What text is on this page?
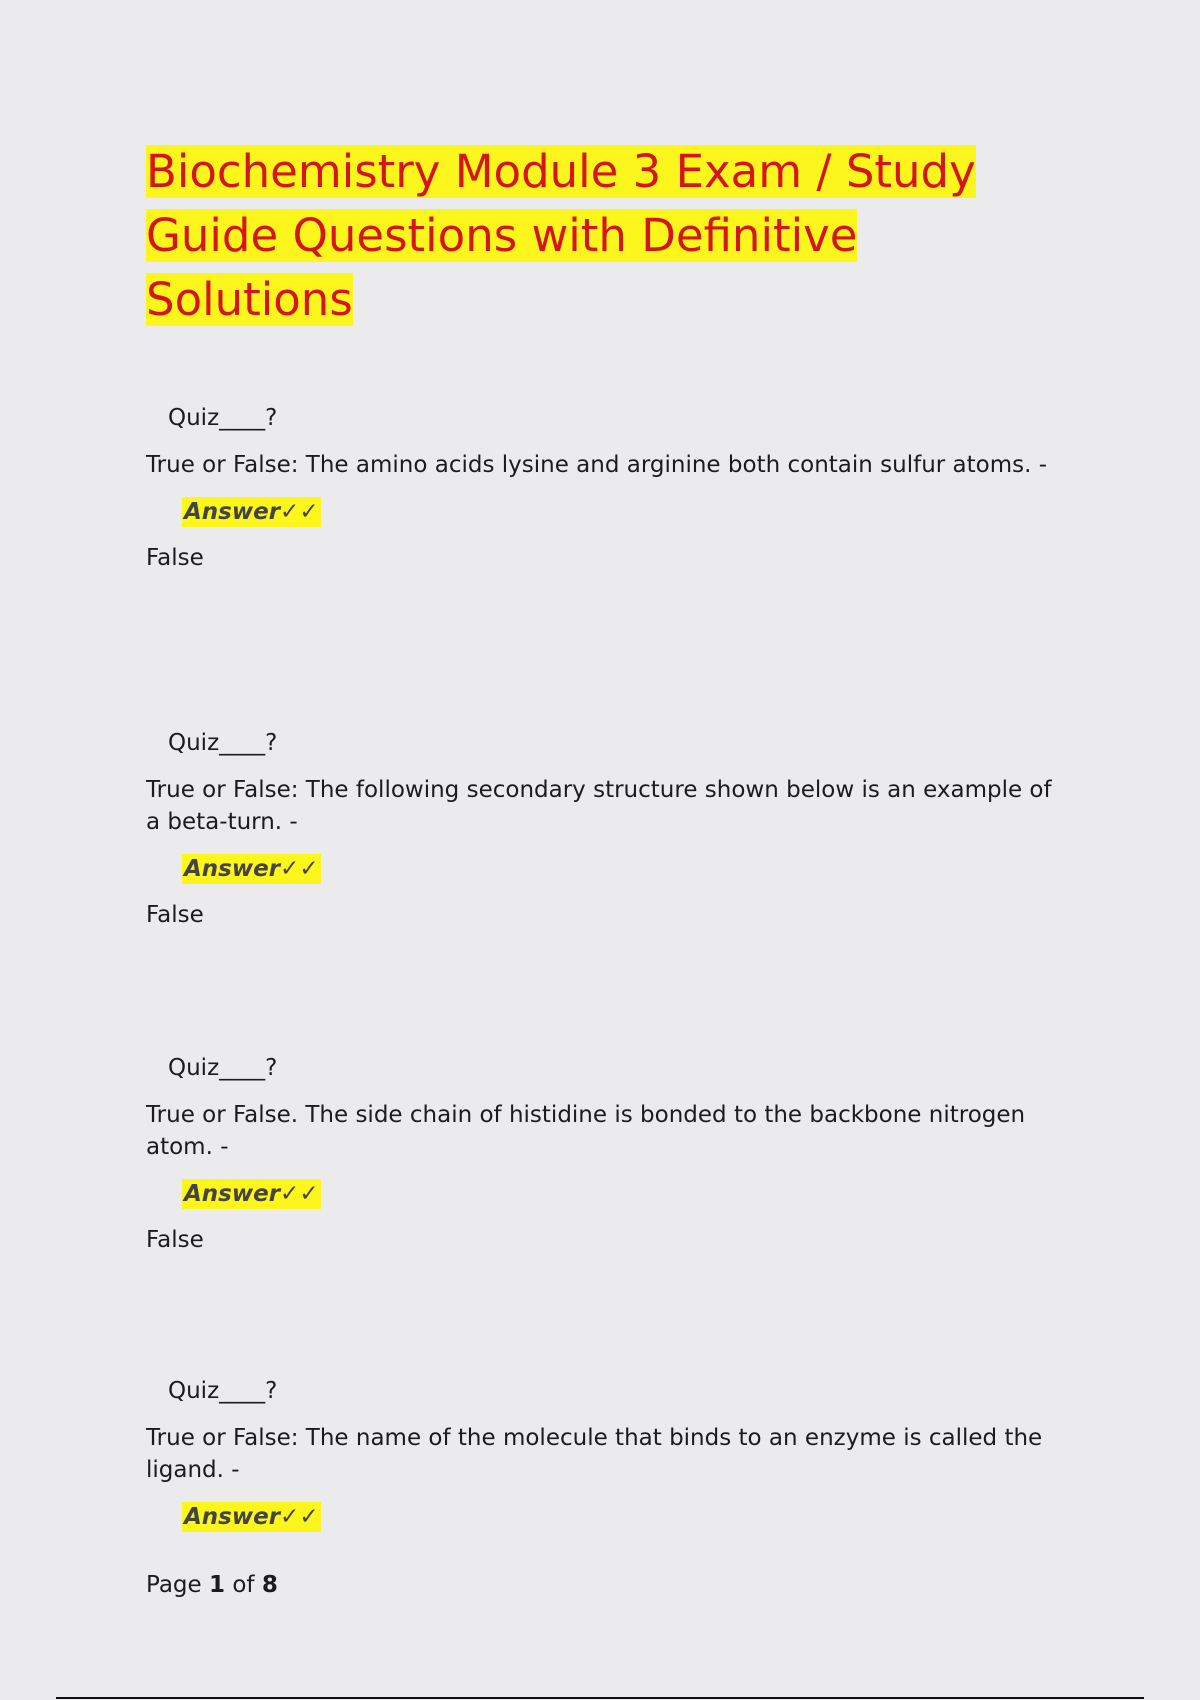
Biochemistry Module 3 Exam / Study Guide Questions with Definitive Solutions

Quiz____?

True or False: The amino acids lysine and arginine both contain sulfur atoms. -

Answer✓✓

False

Quiz____?

True or False: The following secondary structure shown below is an example of a beta-turn. -

Answer✓✓

False

Quiz____?

True or False. The side chain of histidine is bonded to the backbone nitrogen atom. -

Answer✓✓

False

Quiz____?

True or False: The name of the molecule that binds to an enzyme is called the ligand. -

Answer✓✓
Page 1 of 8
